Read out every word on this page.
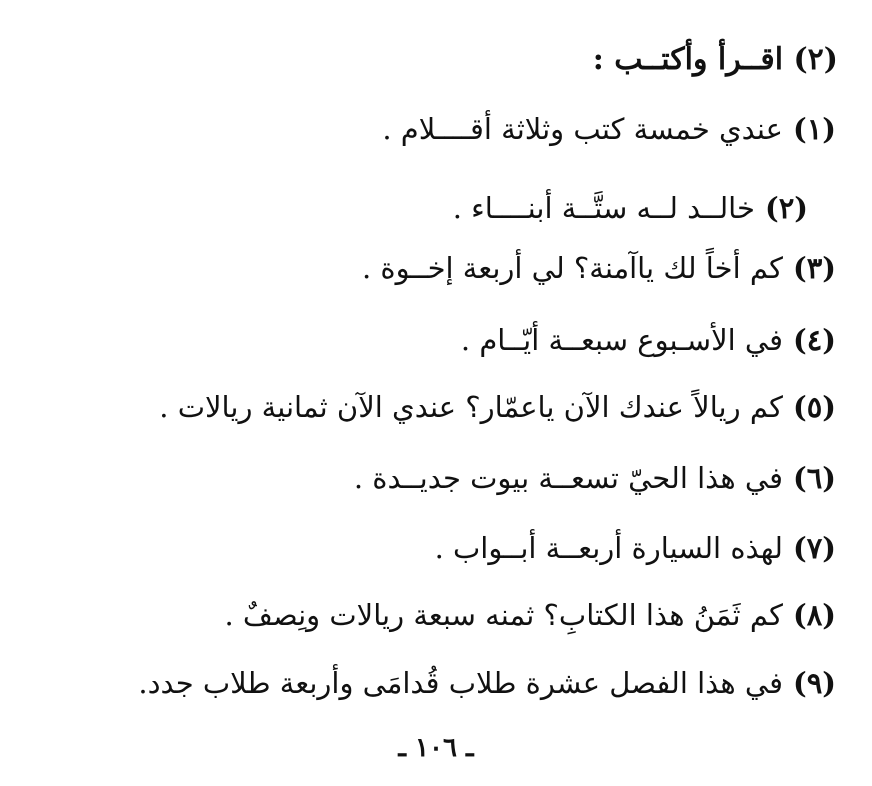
(٢) اقــرأ وأكتــب :
(١)عندي خمسة كتب وثلاثة أقــــلام .
(٢)خالــد لــه ستَّــة أبنــــاء .
(٣)كم أخاً لك ياآمنة؟ لي أربعة إخــوة .
(٤)في الأسـبوع سبعــة أيّــام .
(٥)كم ريالاً عندك الآن ياعمّار؟ عندي الآن ثمانية ريالات .
(٦)في هذا الحيّ تسعــة بيوت جديــدة .
(٧)لهذه السيارة أربعــة أبــواب .
(٨)كم ثَمَنُ هذا الكتابِ؟ ثمنه سبعة ريالات ونِصفٌ .
(٩)في هذا الفصل عشرة طلاب قُدامَى وأربعة طلاب جدد.
ـ ١٠٦ ـ
